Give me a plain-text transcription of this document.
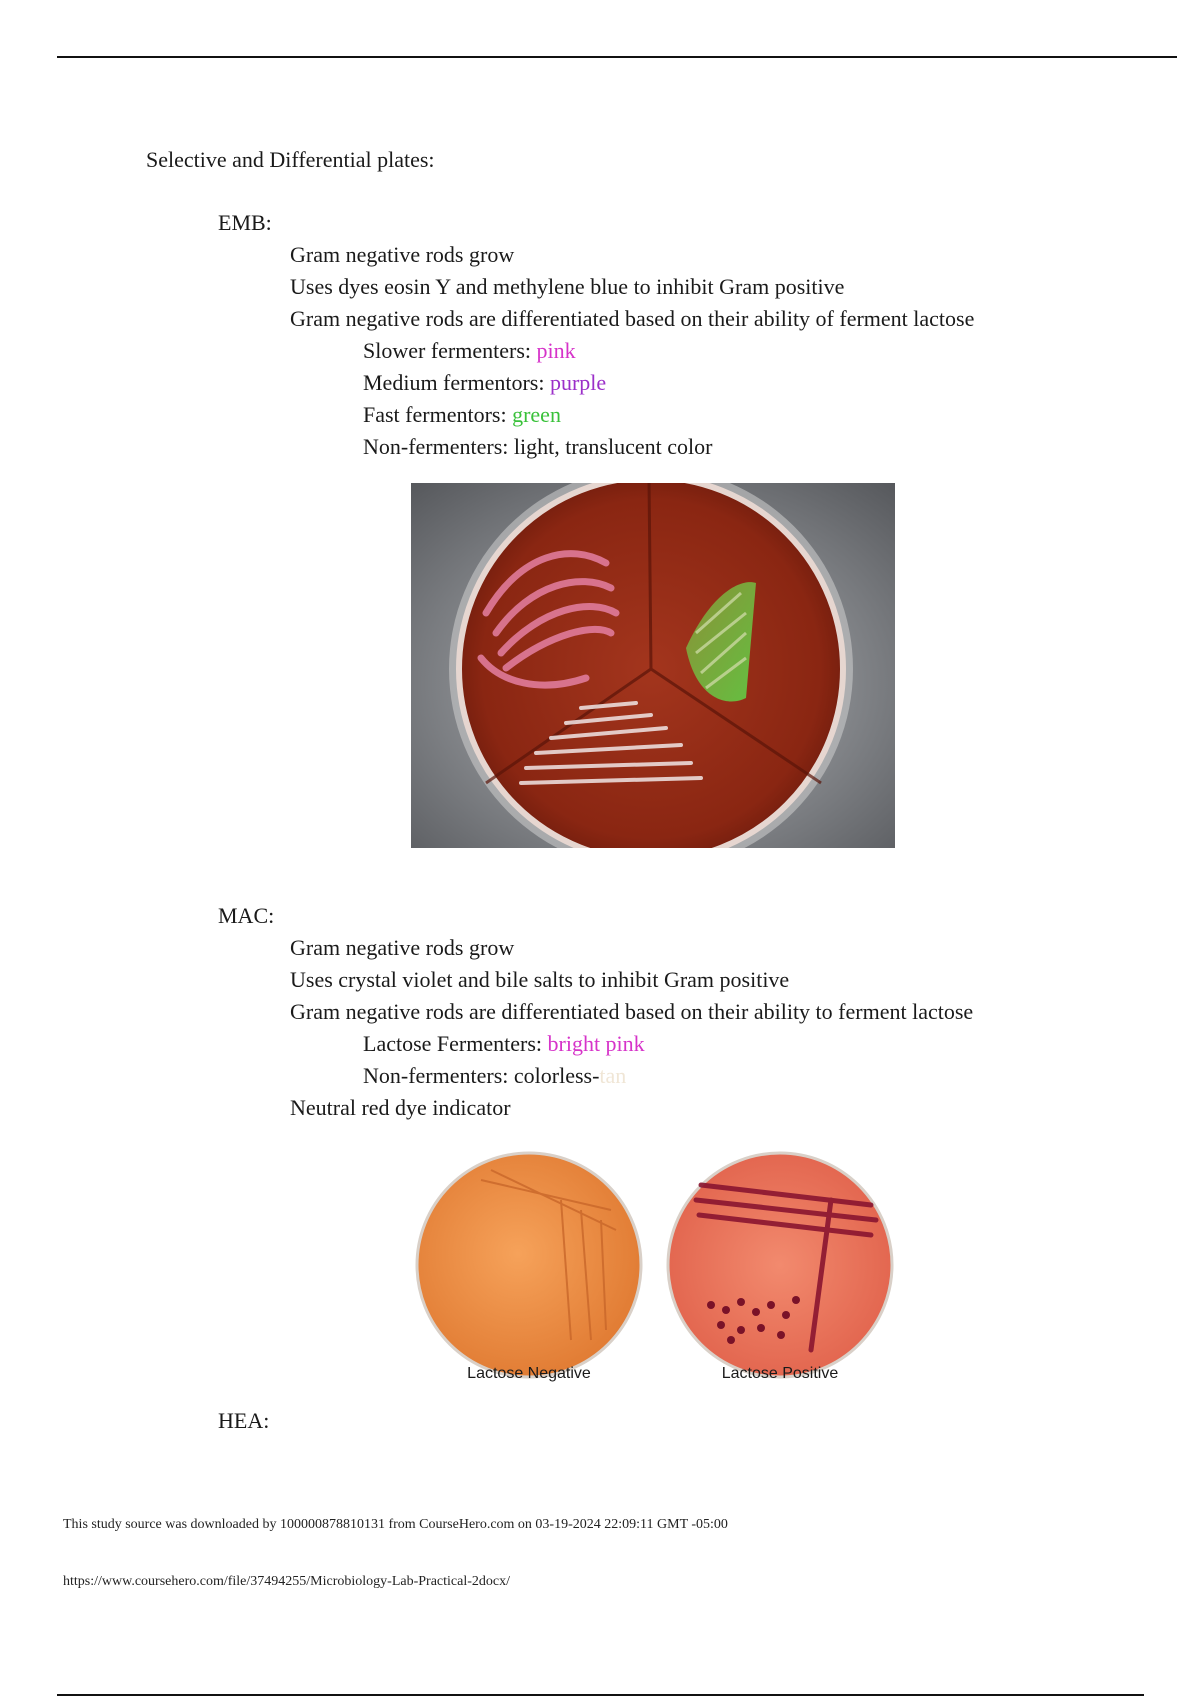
Selective and Differential plates:
EMB:
Gram negative rods grow
Uses dyes eosin Y and methylene blue to inhibit Gram positive
Gram negative rods are differentiated based on their ability of ferment lactose
Slower fermenters: pink
Medium fermentors: purple
Fast fermentors: green
Non-fermenters: light, translucent color
MAC:
Gram negative rods grow
Uses crystal violet and bile salts to inhibit Gram positive
Gram negative rods are differentiated based on their ability to ferment lactose
Lactose Fermenters: bright pink
Non-fermenters: colorless-tan
Neutral red dye indicator
Lactose Negative	Lactose Positive
HEA:
This study source was downloaded by 100000878810131 from CourseHero.com on 03-19-2024 22:09:11 GMT -05:00
https://www.coursehero.com/file/37494255/Microbiology-Lab-Practical-2docx/
